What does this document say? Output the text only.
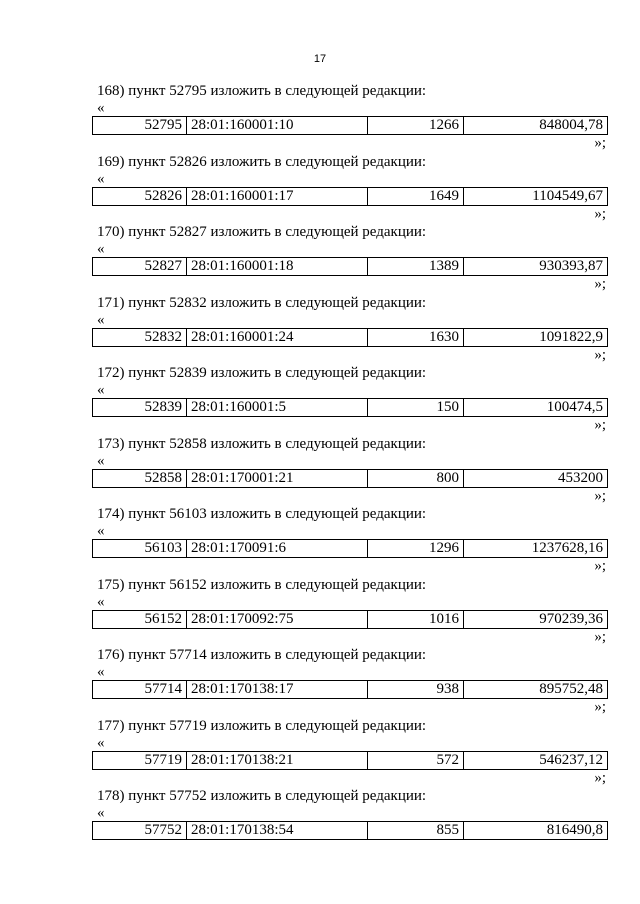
17
168) пункт 52795 изложить в следующей редакции:
«
52795	28:01:160001:10	1266	848004,78
»;
169) пункт 52826 изложить в следующей редакции:
«
52826	28:01:160001:17	1649	1104549,67
»;
170) пункт 52827 изложить в следующей редакции:
«
52827	28:01:160001:18	1389	930393,87
»;
171) пункт 52832 изложить в следующей редакции:
«
52832	28:01:160001:24	1630	1091822,9
»;
172) пункт 52839 изложить в следующей редакции:
«
52839	28:01:160001:5	150	100474,5
»;
173) пункт 52858 изложить в следующей редакции:
«
52858	28:01:170001:21	800	453200
»;
174) пункт 56103 изложить в следующей редакции:
«
56103	28:01:170091:6	1296	1237628,16
»;
175) пункт 56152 изложить в следующей редакции:
«
56152	28:01:170092:75	1016	970239,36
»;
176) пункт 57714 изложить в следующей редакции:
«
57714	28:01:170138:17	938	895752,48
»;
177) пункт 57719 изложить в следующей редакции:
«
57719	28:01:170138:21	572	546237,12
»;
178) пункт 57752 изложить в следующей редакции:
«
57752	28:01:170138:54	855	816490,8
